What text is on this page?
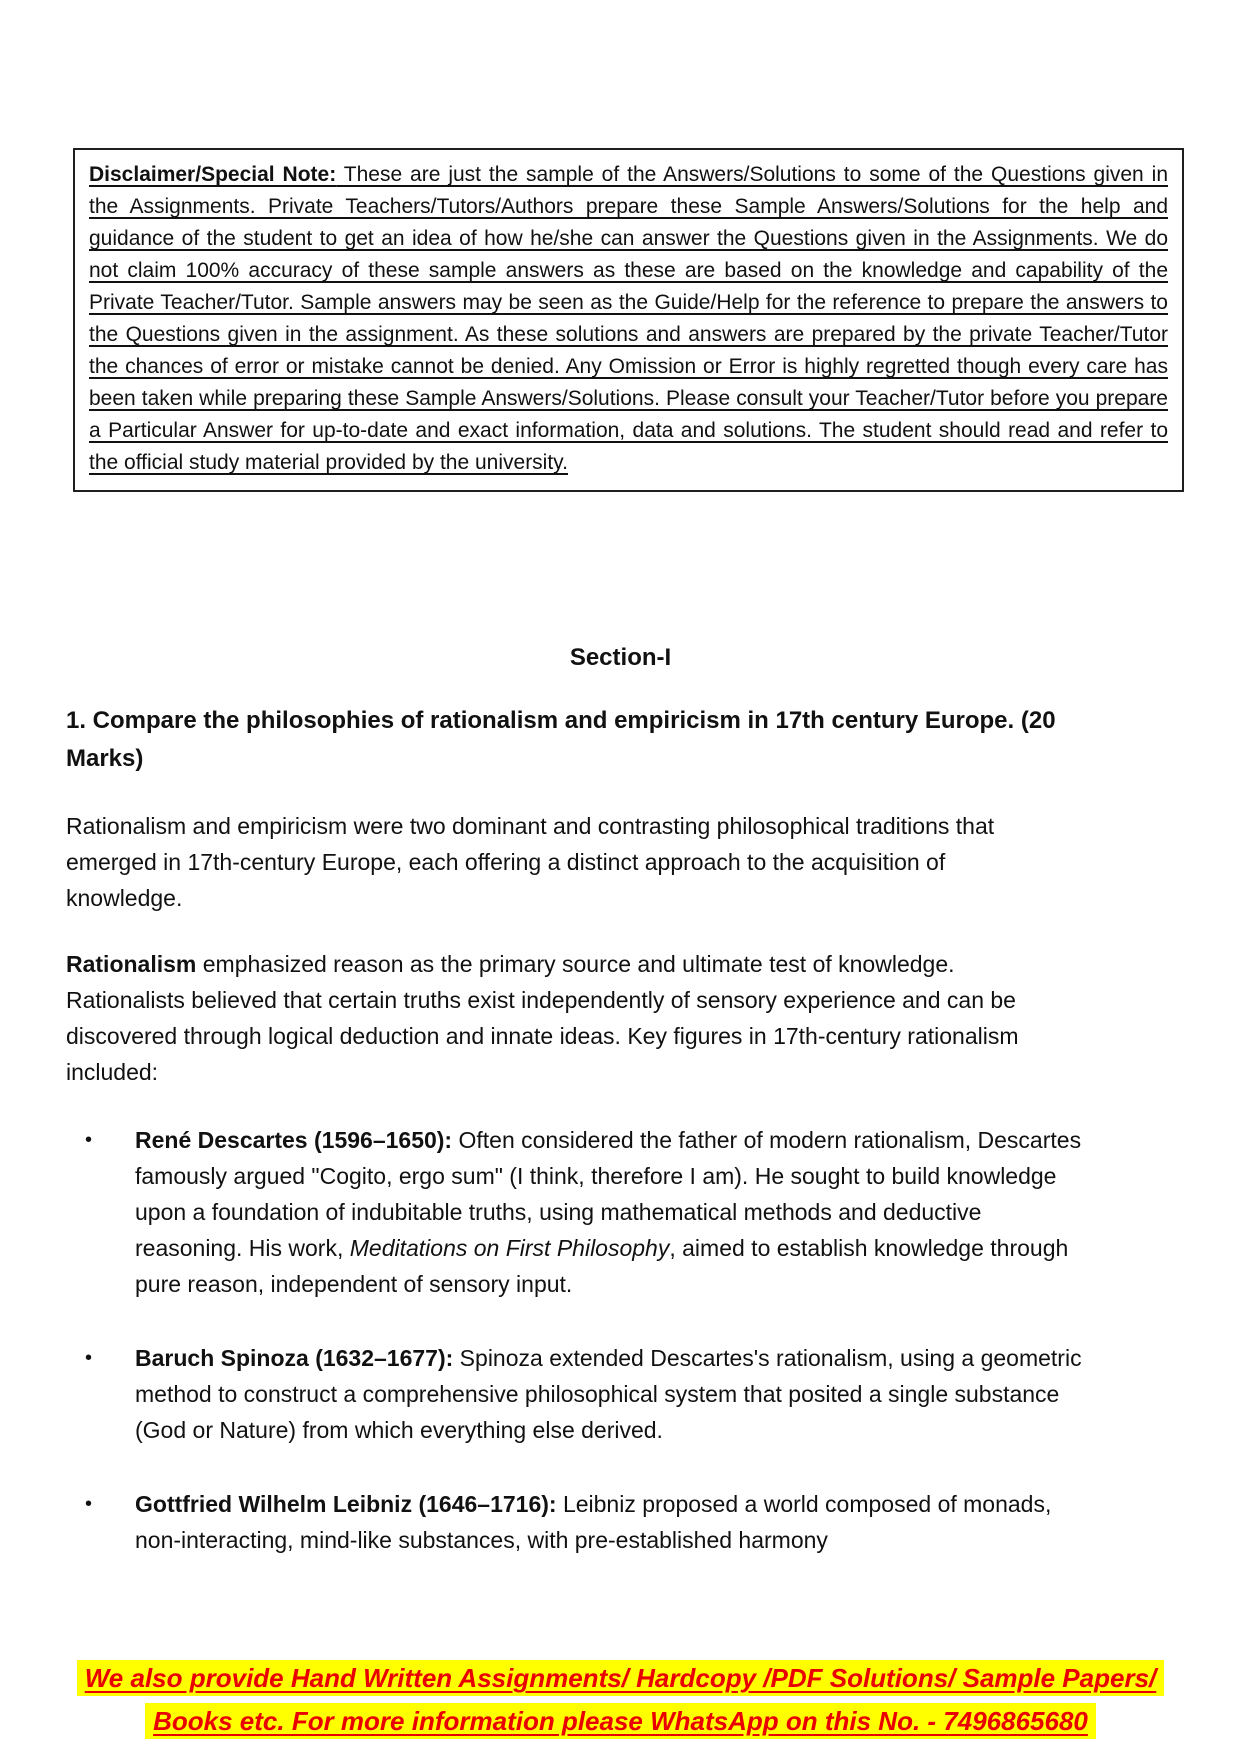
Disclaimer/Special Note: These are just the sample of the Answers/Solutions to some of the Questions given in the Assignments. Private Teachers/Tutors/Authors prepare these Sample Answers/Solutions for the help and guidance of the student to get an idea of how he/she can answer the Questions given in the Assignments. We do not claim 100% accuracy of these sample answers as these are based on the knowledge and capability of the Private Teacher/Tutor. Sample answers may be seen as the Guide/Help for the reference to prepare the answers to the Questions given in the assignment. As these solutions and answers are prepared by the private Teacher/Tutor the chances of error or mistake cannot be denied. Any Omission or Error is highly regretted though every care has been taken while preparing these Sample Answers/Solutions. Please consult your Teacher/Tutor before you prepare a Particular Answer for up-to-date and exact information, data and solutions. The student should read and refer to the official study material provided by the university.

Section-I
1. Compare the philosophies of rationalism and empiricism in 17th century Europe. (20 Marks)

Rationalism and empiricism were two dominant and contrasting philosophical traditions that emerged in 17th-century Europe, each offering a distinct approach to the acquisition of knowledge.

Rationalism emphasized reason as the primary source and ultimate test of knowledge. Rationalists believed that certain truths exist independently of sensory experience and can be discovered through logical deduction and innate ideas. Key figures in 17th-century rationalism included:

• René Descartes (1596–1650): Often considered the father of modern rationalism, Descartes famously argued "Cogito, ergo sum" (I think, therefore I am). He sought to build knowledge upon a foundation of indubitable truths, using mathematical methods and deductive reasoning. His work, Meditations on First Philosophy, aimed to establish knowledge through pure reason, independent of sensory input.
• Baruch Spinoza (1632–1677): Spinoza extended Descartes's rationalism, using a geometric method to construct a comprehensive philosophical system that posited a single substance (God or Nature) from which everything else derived.
• Gottfried Wilhelm Leibniz (1646–1716): Leibniz proposed a world composed of monads, non-interacting, mind-like substances, with pre-established harmony
We also provide Hand Written Assignments/ Hardcopy /PDF Solutions/ Sample Papers/
Books etc. For more information please WhatsApp on this No. - 7496865680
